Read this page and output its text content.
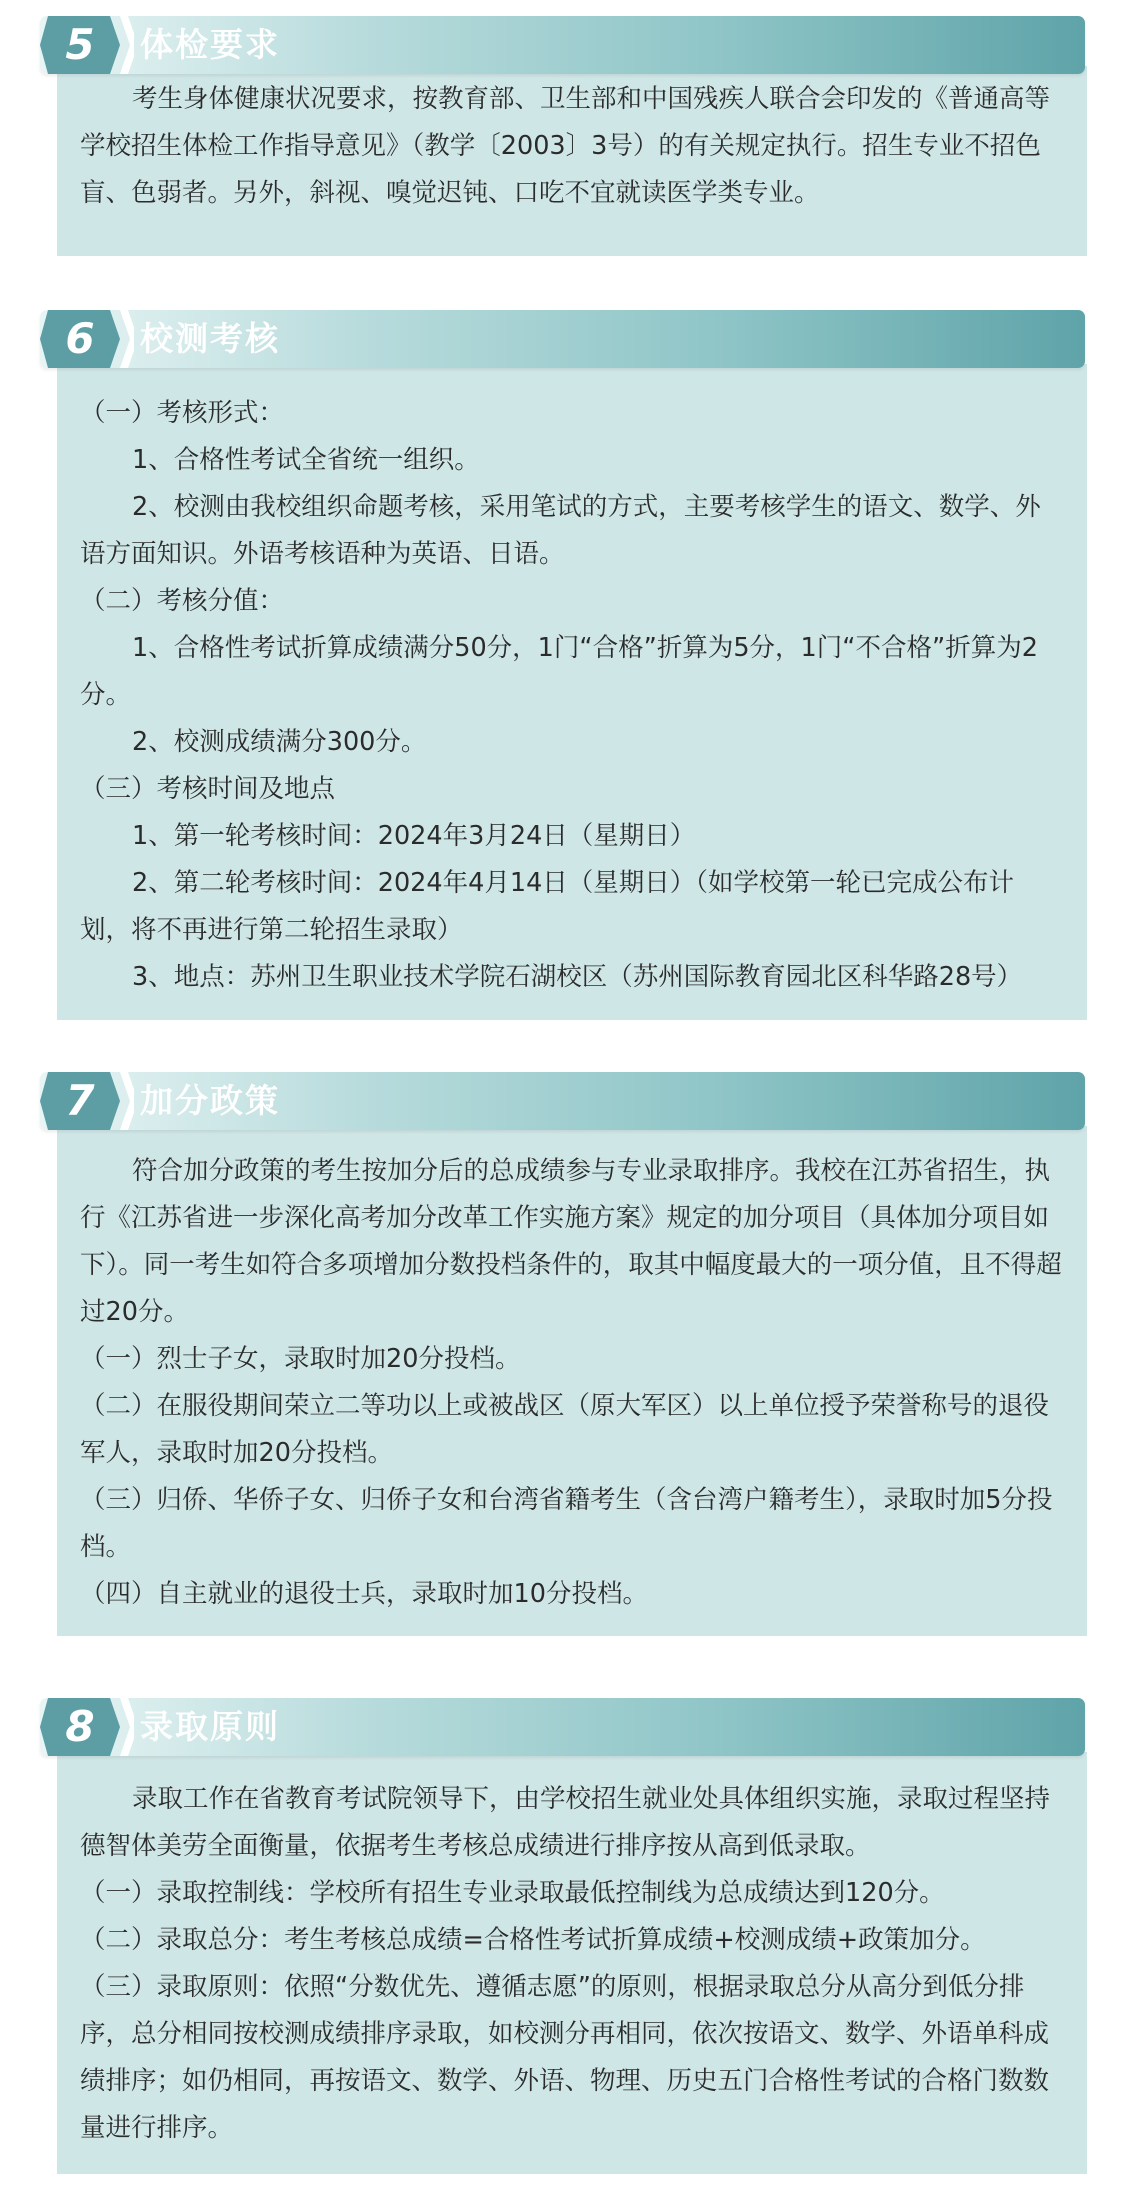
考生身体健康状况要求，按教育部、卫生部和中国残疾人联合会印发的《普通高等学校招生体检工作指导意见》（教学〔2003〕3号）的有关规定执行。招生专业不招色盲、色弱者。另外，斜视、嗅觉迟钝、口吃不宜就读医学类专业。

5 体检要求

（一）考核形式：

1、合格性考试全省统一组织。

2、校测由我校组织命题考核，采用笔试的方式，主要考核学生的语文、数学、外语方面知识。外语考核语种为英语、日语。

（二）考核分值：

1、合格性考试折算成绩满分50分，1门“合格”折算为5分，1门“不合格”折算为2分。

2、校测成绩满分300分。

（三）考核时间及地点

1、第一轮考核时间：2024年3月24日（星期日）

2、第二轮考核时间：2024年4月14日（星期日）（如学校第一轮已完成公布计划，将不再进行第二轮招生录取）

3、地点：苏州卫生职业技术学院石湖校区（苏州国际教育园北区科华路28号）

6 校测考核

符合加分政策的考生按加分后的总成绩参与专业录取排序。我校在江苏省招生，执行《江苏省进一步深化高考加分改革工作实施方案》规定的加分项目（具体加分项目如下）。同一考生如符合多项增加分数投档条件的，取其中幅度最大的一项分值，且不得超过20分。

（一）烈士子女，录取时加20分投档。

（二）在服役期间荣立二等功以上或被战区（原大军区）以上单位授予荣誉称号的退役军人，录取时加20分投档。

（三）归侨、华侨子女、归侨子女和台湾省籍考生（含台湾户籍考生），录取时加5分投档。

（四）自主就业的退役士兵，录取时加10分投档。

7 加分政策

录取工作在省教育考试院领导下，由学校招生就业处具体组织实施，录取过程坚持德智体美劳全面衡量，依据考生考核总成绩进行排序按从高到低录取。

（一）录取控制线：学校所有招生专业录取最低控制线为总成绩达到120分。

（二）录取总分：考生考核总成绩=合格性考试折算成绩+校测成绩+政策加分。

（三）录取原则：依照“分数优先、遵循志愿”的原则，根据录取总分从高分到低分排序，总分相同按校测成绩排序录取，如校测分再相同，依次按语文、数学、外语单科成绩排序；如仍相同，再按语文、数学、外语、物理、历史五门合格性考试的合格门数数量进行排序。

8 录取原则
